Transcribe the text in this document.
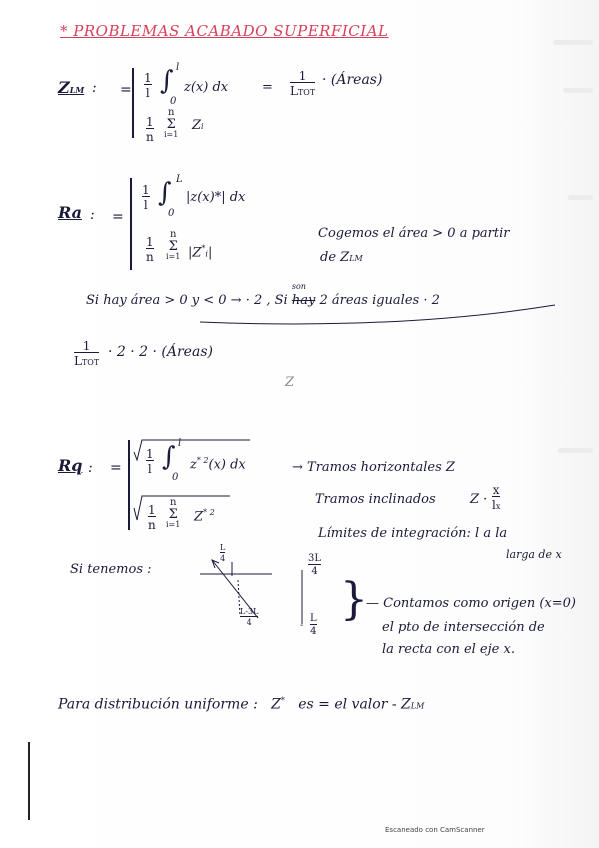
* PROBLEMAS ACABADO SUPERFICIAL
ZLM : = $\frac{1}{l}$ ∫ l
0
z(x) dx	=
1
LTOT
· (Áreas)
$\frac{1}{n}$
n
Σ
i=1
Zi
Ra : =
$\frac{1}{l}$ ∫ L
0
|z(x)*| dx
Cogemos el área > 0 a partir
de ZLM
$\frac{1}{n}$
n
Σ
i=1 |Z*i|
Si hay área > 0 y < 0 → · 2 , Si
son
hay 2 áreas iguales · 2
1
LTOT
· 2 · 2 · (Áreas)
Z
Rq : = $\frac{1}{l}$ ∫ l
0
$z^{* 2}(x)$ dx
$\frac{1}{n}$
n
Σ
i=1
$Z^{* 2}$
→ Tramos horizontales Z
Tramos inclinados	$Z \cdot \frac{x}{lx}$
Límites de integración: l a la
larga de x
Si tenemos :
$\frac{L}{4}$
$\frac{L-3L}{4}$
$\frac{3L}{4}$
- $\frac{L}{4}$
}
— Contamos como origen (x=0)
el pto de intersección de
la recta con el eje x.
Para distribución uniforme : Z* es = el valor - ZLM
Escaneado con CamScanner
